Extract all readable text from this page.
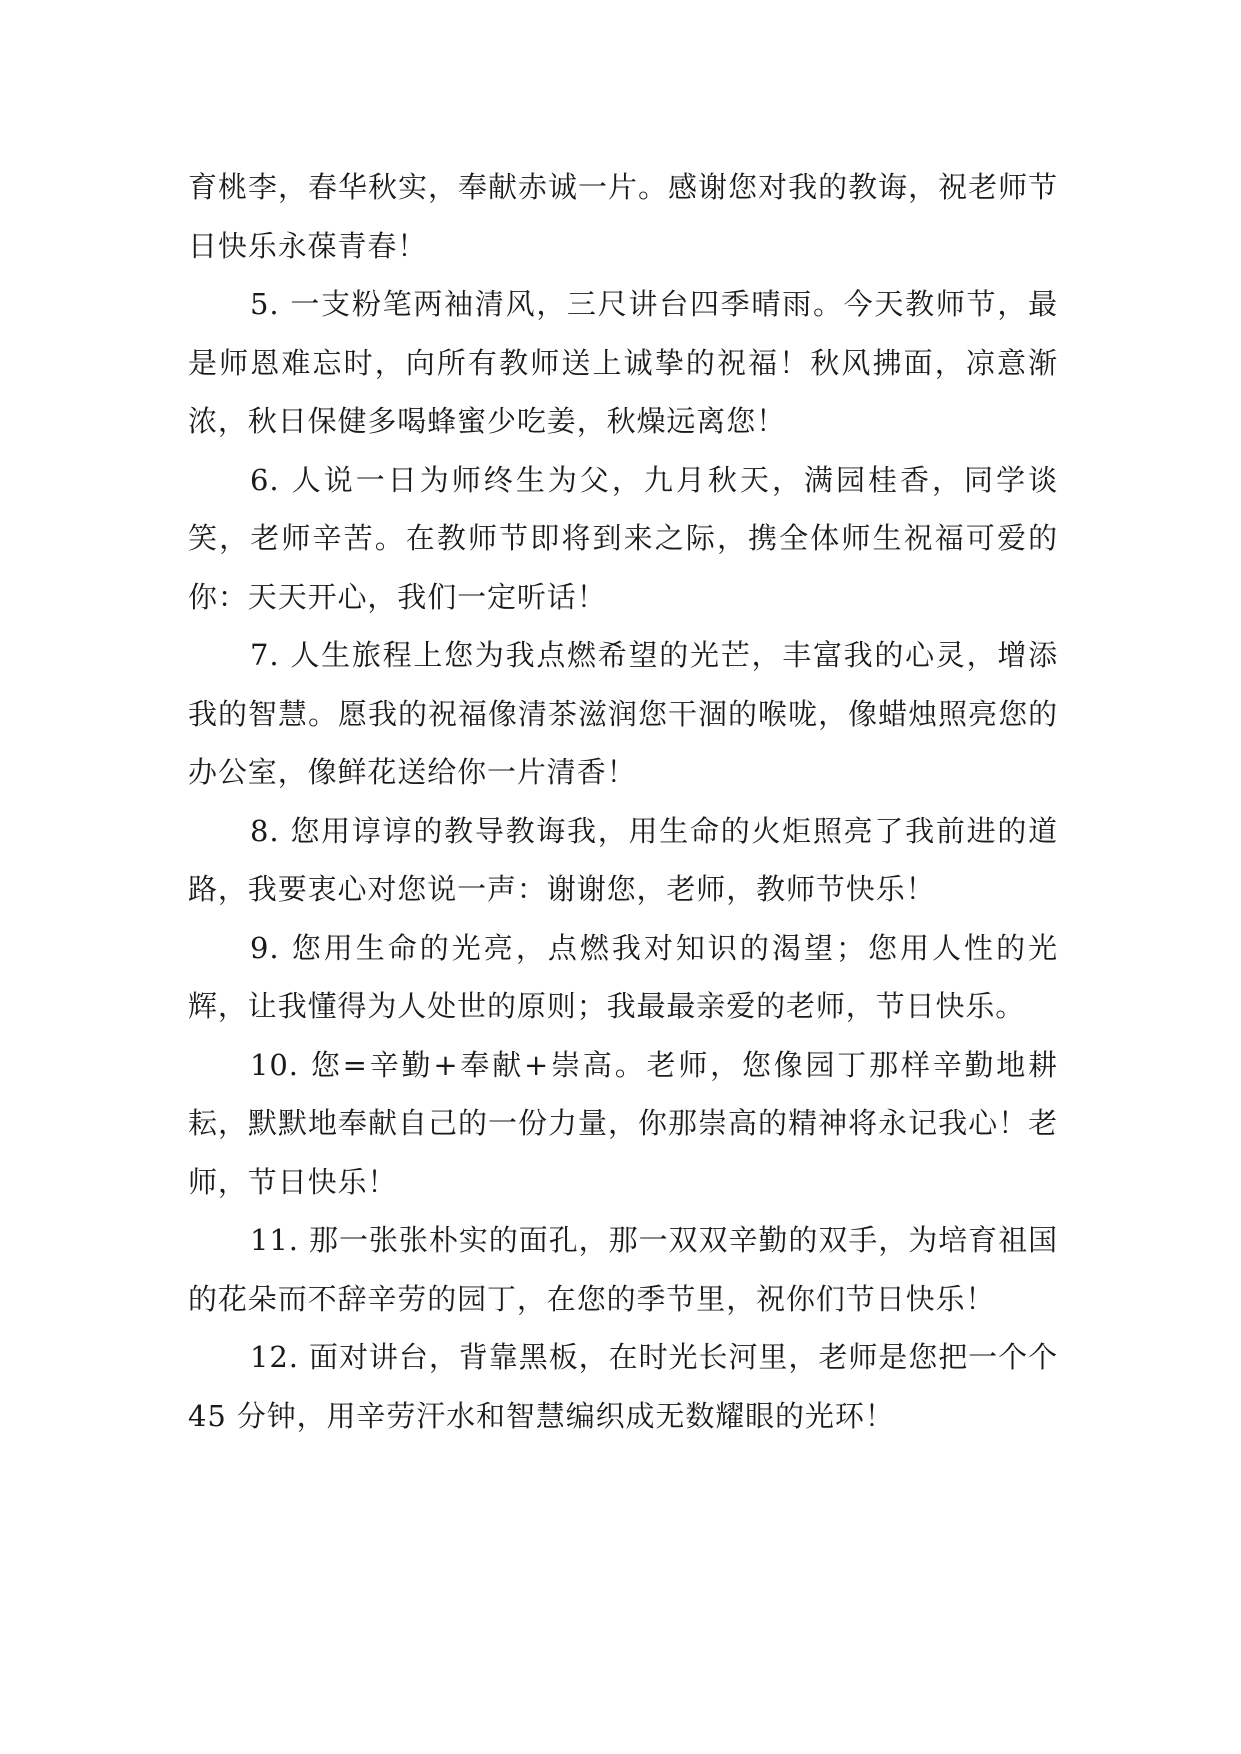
育桃李，春华秋实，奉献赤诚一片。感谢您对我的教诲，祝老师节日快乐永葆青春！

5. 一支粉笔两袖清风，三尺讲台四季晴雨。今天教师节，最是师恩难忘时，向所有教师送上诚挚的祝福！秋风拂面，凉意渐浓，秋日保健多喝蜂蜜少吃姜，秋燥远离您！

6. 人说一日为师终生为父，九月秋天，满园桂香，同学谈笑，老师辛苦。在教师节即将到来之际，携全体师生祝福可爱的你：天天开心，我们一定听话！

7. 人生旅程上您为我点燃希望的光芒，丰富我的心灵，增添我的智慧。愿我的祝福像清茶滋润您干涸的喉咙，像蜡烛照亮您的办公室，像鲜花送给你一片清香！

8. 您用谆谆的教导教诲我，用生命的火炬照亮了我前进的道路，我要衷心对您说一声：谢谢您，老师，教师节快乐！

9. 您用生命的光亮，点燃我对知识的渴望；您用人性的光辉，让我懂得为人处世的原则；我最最亲爱的老师，节日快乐。

10. 您=辛勤+奉献+崇高。老师，您像园丁那样辛勤地耕耘，默默地奉献自己的一份力量，你那崇高的精神将永记我心！老师，节日快乐！

11. 那一张张朴实的面孔，那一双双辛勤的双手，为培育祖国的花朵而不辞辛劳的园丁，在您的季节里，祝你们节日快乐！

12. 面对讲台，背靠黑板，在时光长河里，老师是您把一个个 45 分钟，用辛劳汗水和智慧编织成无数耀眼的光环！
